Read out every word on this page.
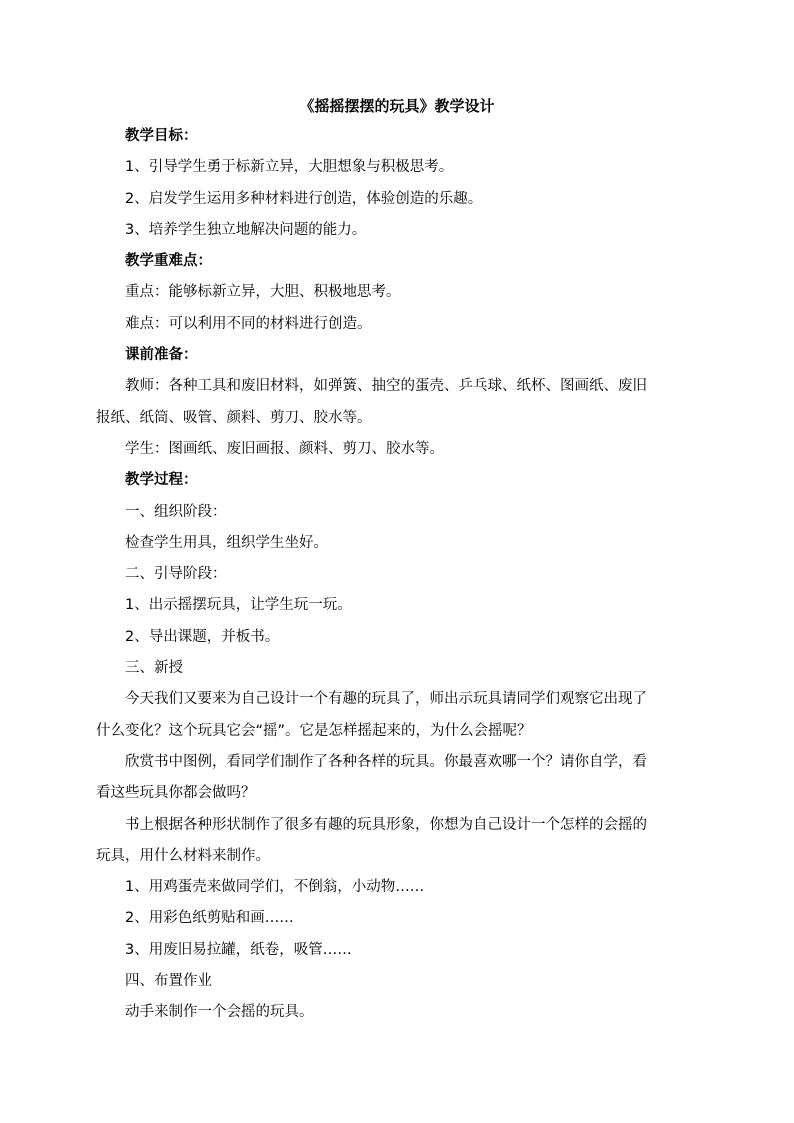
《摇摇摆摆的玩具》教学设计
教学目标：
1、引导学生勇于标新立异，大胆想象与积极思考。
2、启发学生运用多种材料进行创造，体验创造的乐趣。
3、培养学生独立地解决问题的能力。
教学重难点：
重点：能够标新立异，大胆、积极地思考。
难点：可以利用不同的材料进行创造。
课前准备：
教师：各种工具和废旧材料，如弹簧、抽空的蛋壳、乒乓球、纸杯、图画纸、废旧
报纸、纸筒、吸管、颜料、剪刀、胶水等。
学生：图画纸、废旧画报、颜料、剪刀、胶水等。
教学过程：
一、组织阶段：
检查学生用具，组织学生坐好。
二、引导阶段：
1、出示摇摆玩具，让学生玩一玩。
2、导出课题，并板书。
三、新授
今天我们又要来为自己设计一个有趣的玩具了，师出示玩具请同学们观察它出现了
什么变化？这个玩具它会“摇”。它是怎样摇起来的，为什么会摇呢？
欣赏书中图例，看同学们制作了各种各样的玩具。你最喜欢哪一个？请你自学，看
看这些玩具你都会做吗？
书上根据各种形状制作了很多有趣的玩具形象，你想为自己设计一个怎样的会摇的
玩具，用什么材料来制作。
1、用鸡蛋壳来做同学们，不倒翁，小动物……
2、用彩色纸剪贴和画……
3、用废旧易拉罐，纸卷，吸管……
四、布置作业
动手来制作一个会摇的玩具。
